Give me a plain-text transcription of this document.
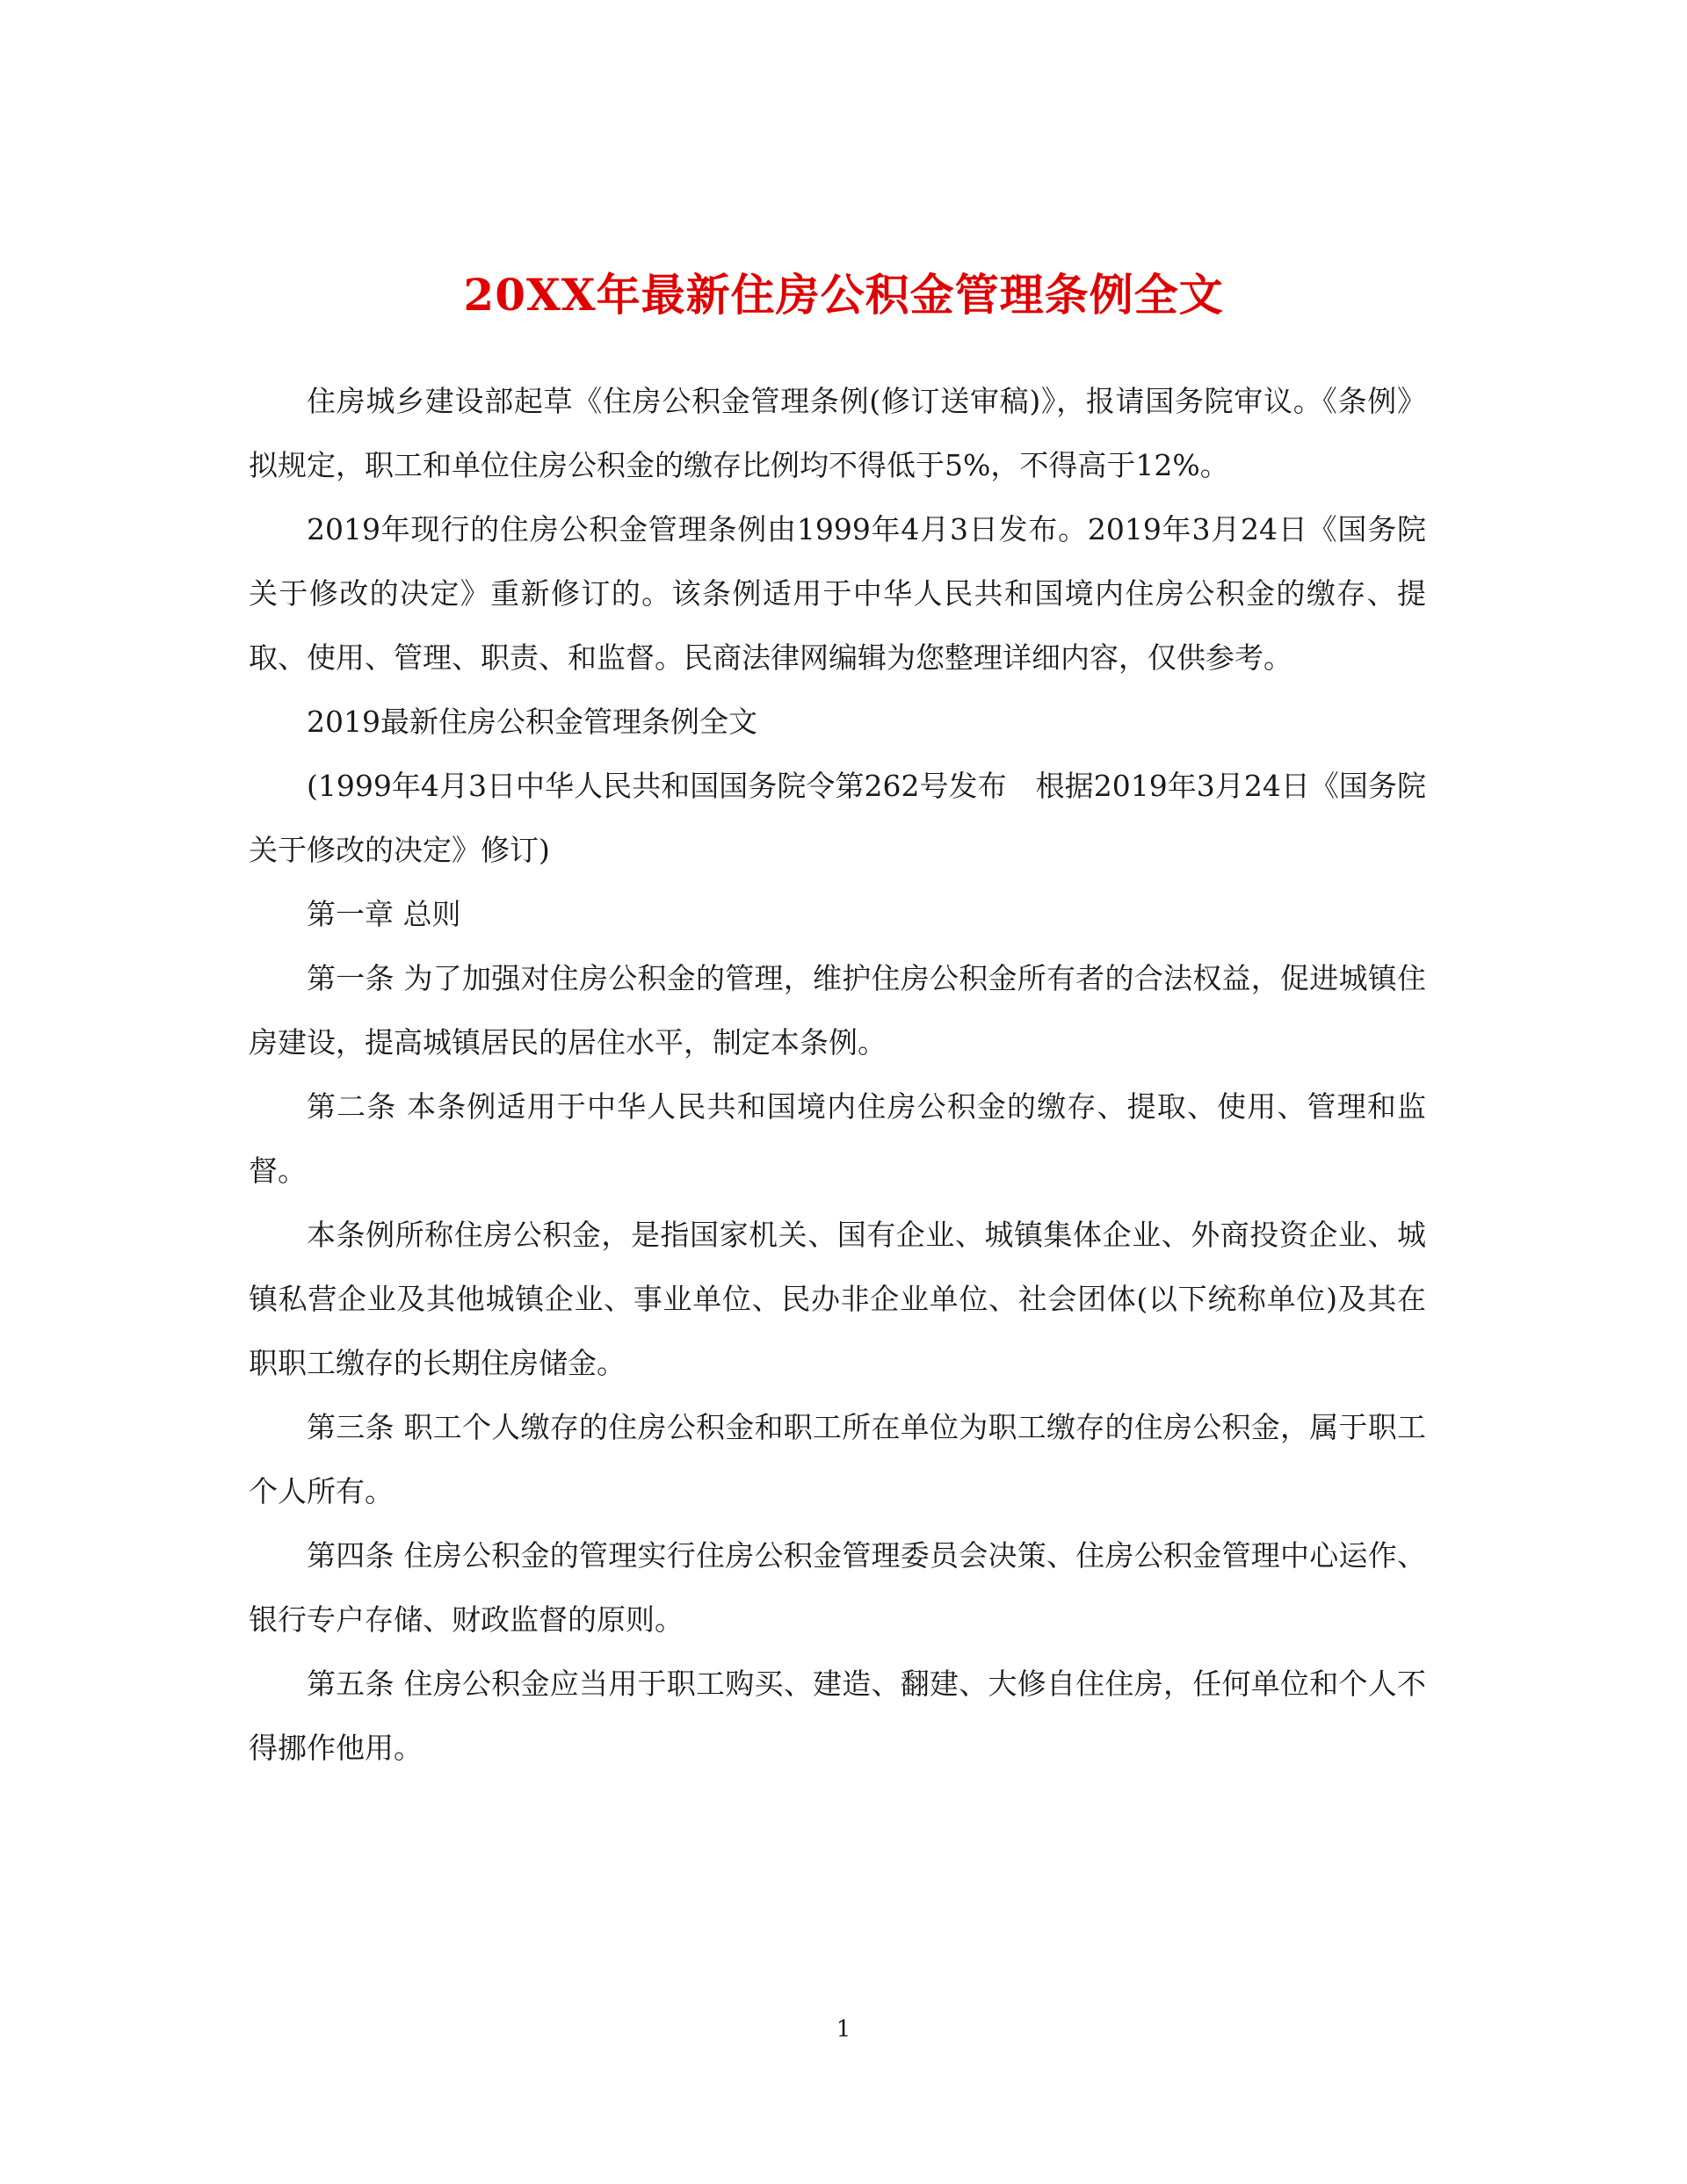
20XX年最新住房公积金管理条例全文

住房城乡建设部起草《住房公积金管理条例(修订送审稿)》，报请国务院审议。《条例》拟规定，职工和单位住房公积金的缴存比例均不得低于5%，不得高于12%。

2019年现行的住房公积金管理条例由1999年4月3日发布。2019年3月24日《国务院关于修改的决定》重新修订的。该条例适用于中华人民共和国境内住房公积金的缴存、提取、使用、管理、职责、和监督。民商法律网编辑为您整理详细内容，仅供参考。

2019最新住房公积金管理条例全文

(1999年4月3日中华人民共和国国务院令第262号发布　根据2019年3月24日《国务院关于修改的决定》修订)

第一章 总则

第一条 为了加强对住房公积金的管理，维护住房公积金所有者的合法权益，促进城镇住房建设，提高城镇居民的居住水平，制定本条例。

第二条 本条例适用于中华人民共和国境内住房公积金的缴存、提取、使用、管理和监督。

本条例所称住房公积金，是指国家机关、国有企业、城镇集体企业、外商投资企业、城镇私营企业及其他城镇企业、事业单位、民办非企业单位、社会团体(以下统称单位)及其在职职工缴存的长期住房储金。

第三条 职工个人缴存的住房公积金和职工所在单位为职工缴存的住房公积金，属于职工个人所有。

第四条 住房公积金的管理实行住房公积金管理委员会决策、住房公积金管理中心运作、银行专户存储、财政监督的原则。

第五条 住房公积金应当用于职工购买、建造、翻建、大修自住住房，任何单位和个人不得挪作他用。

1
